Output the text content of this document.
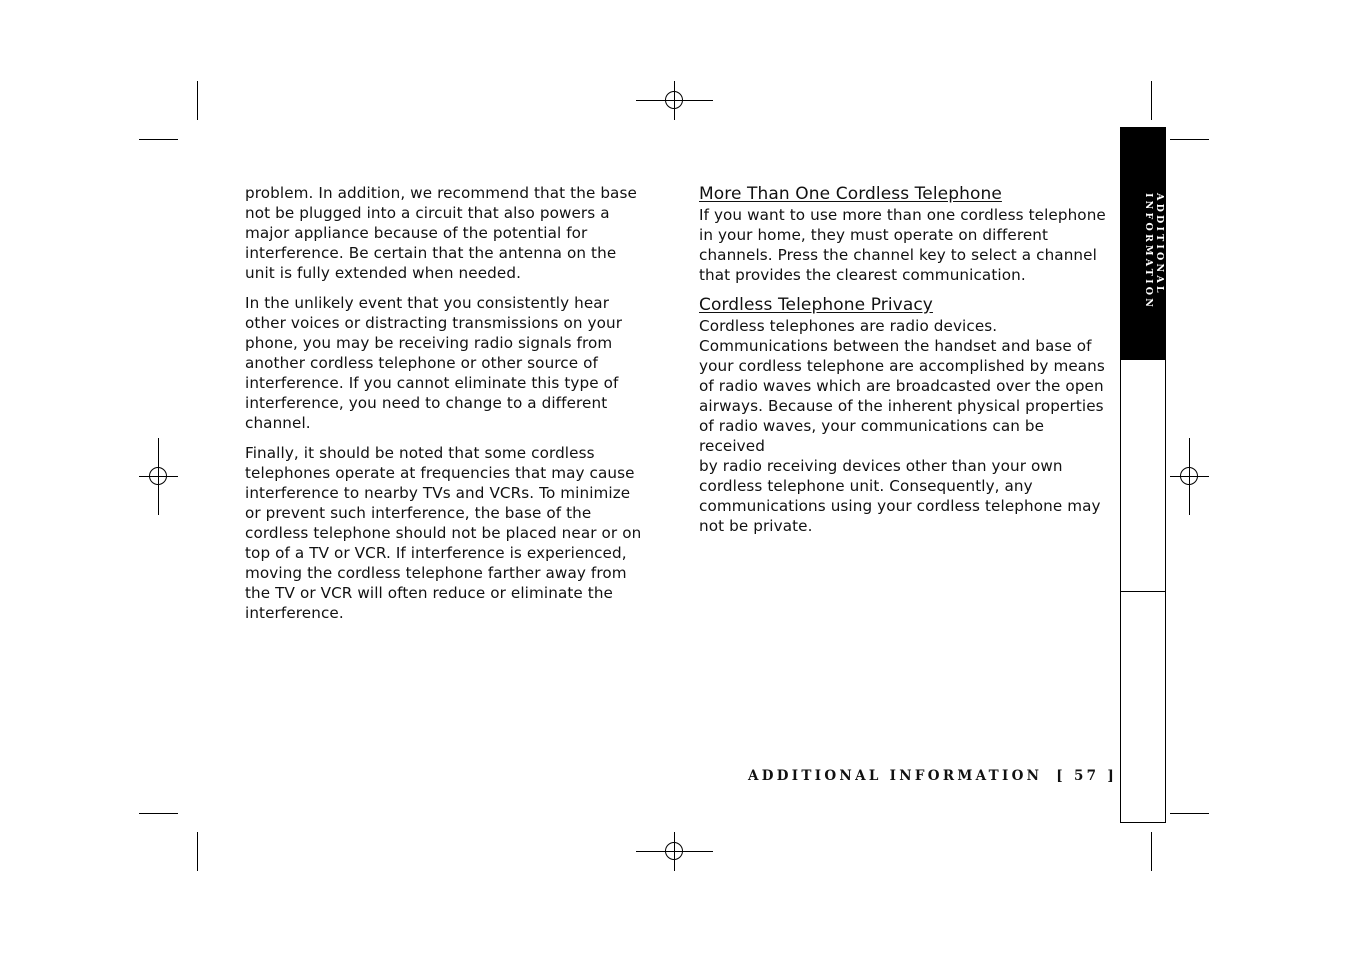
problem. In addition, we recommend that the base
not be plugged into a circuit that also powers a
major appliance because of the potential for
interference. Be certain that the antenna on the
unit is fully extended when needed.

In the unlikely event that you consistently hear
other voices or distracting transmissions on your
phone, you may be receiving radio signals from
another cordless telephone or other source of
interference. If you cannot eliminate this type of
interference, you need to change to a different
channel.

Finally, it should be noted that some cordless
telephones operate at frequencies that may cause
interference to nearby TVs and VCRs. To minimize
or prevent such interference, the base of the
cordless telephone should not be placed near or on
top of a TV or VCR. If interference is experienced,
moving the cordless telephone farther away from
the TV or VCR will often reduce or eliminate the
interference.

More Than One Cordless Telephone

If you want to use more than one cordless telephone
in your home, they must operate on different
channels. Press the channel key to select a channel
that provides the clearest communication.

Cordless Telephone Privacy

Cordless telephones are radio devices.
Communications between the handset and base of
your cordless telephone are accomplished by means
of radio waves which are broadcasted over the open
airways. Because of the inherent physical properties
of radio waves, your communications can be received
by radio receiving devices other than your own
cordless telephone unit. Consequently, any
communications using your cordless telephone may
not be private.

ADDITIONAL
INFORMATION
ADDITIONAL INFORMATION [ 57 ]
